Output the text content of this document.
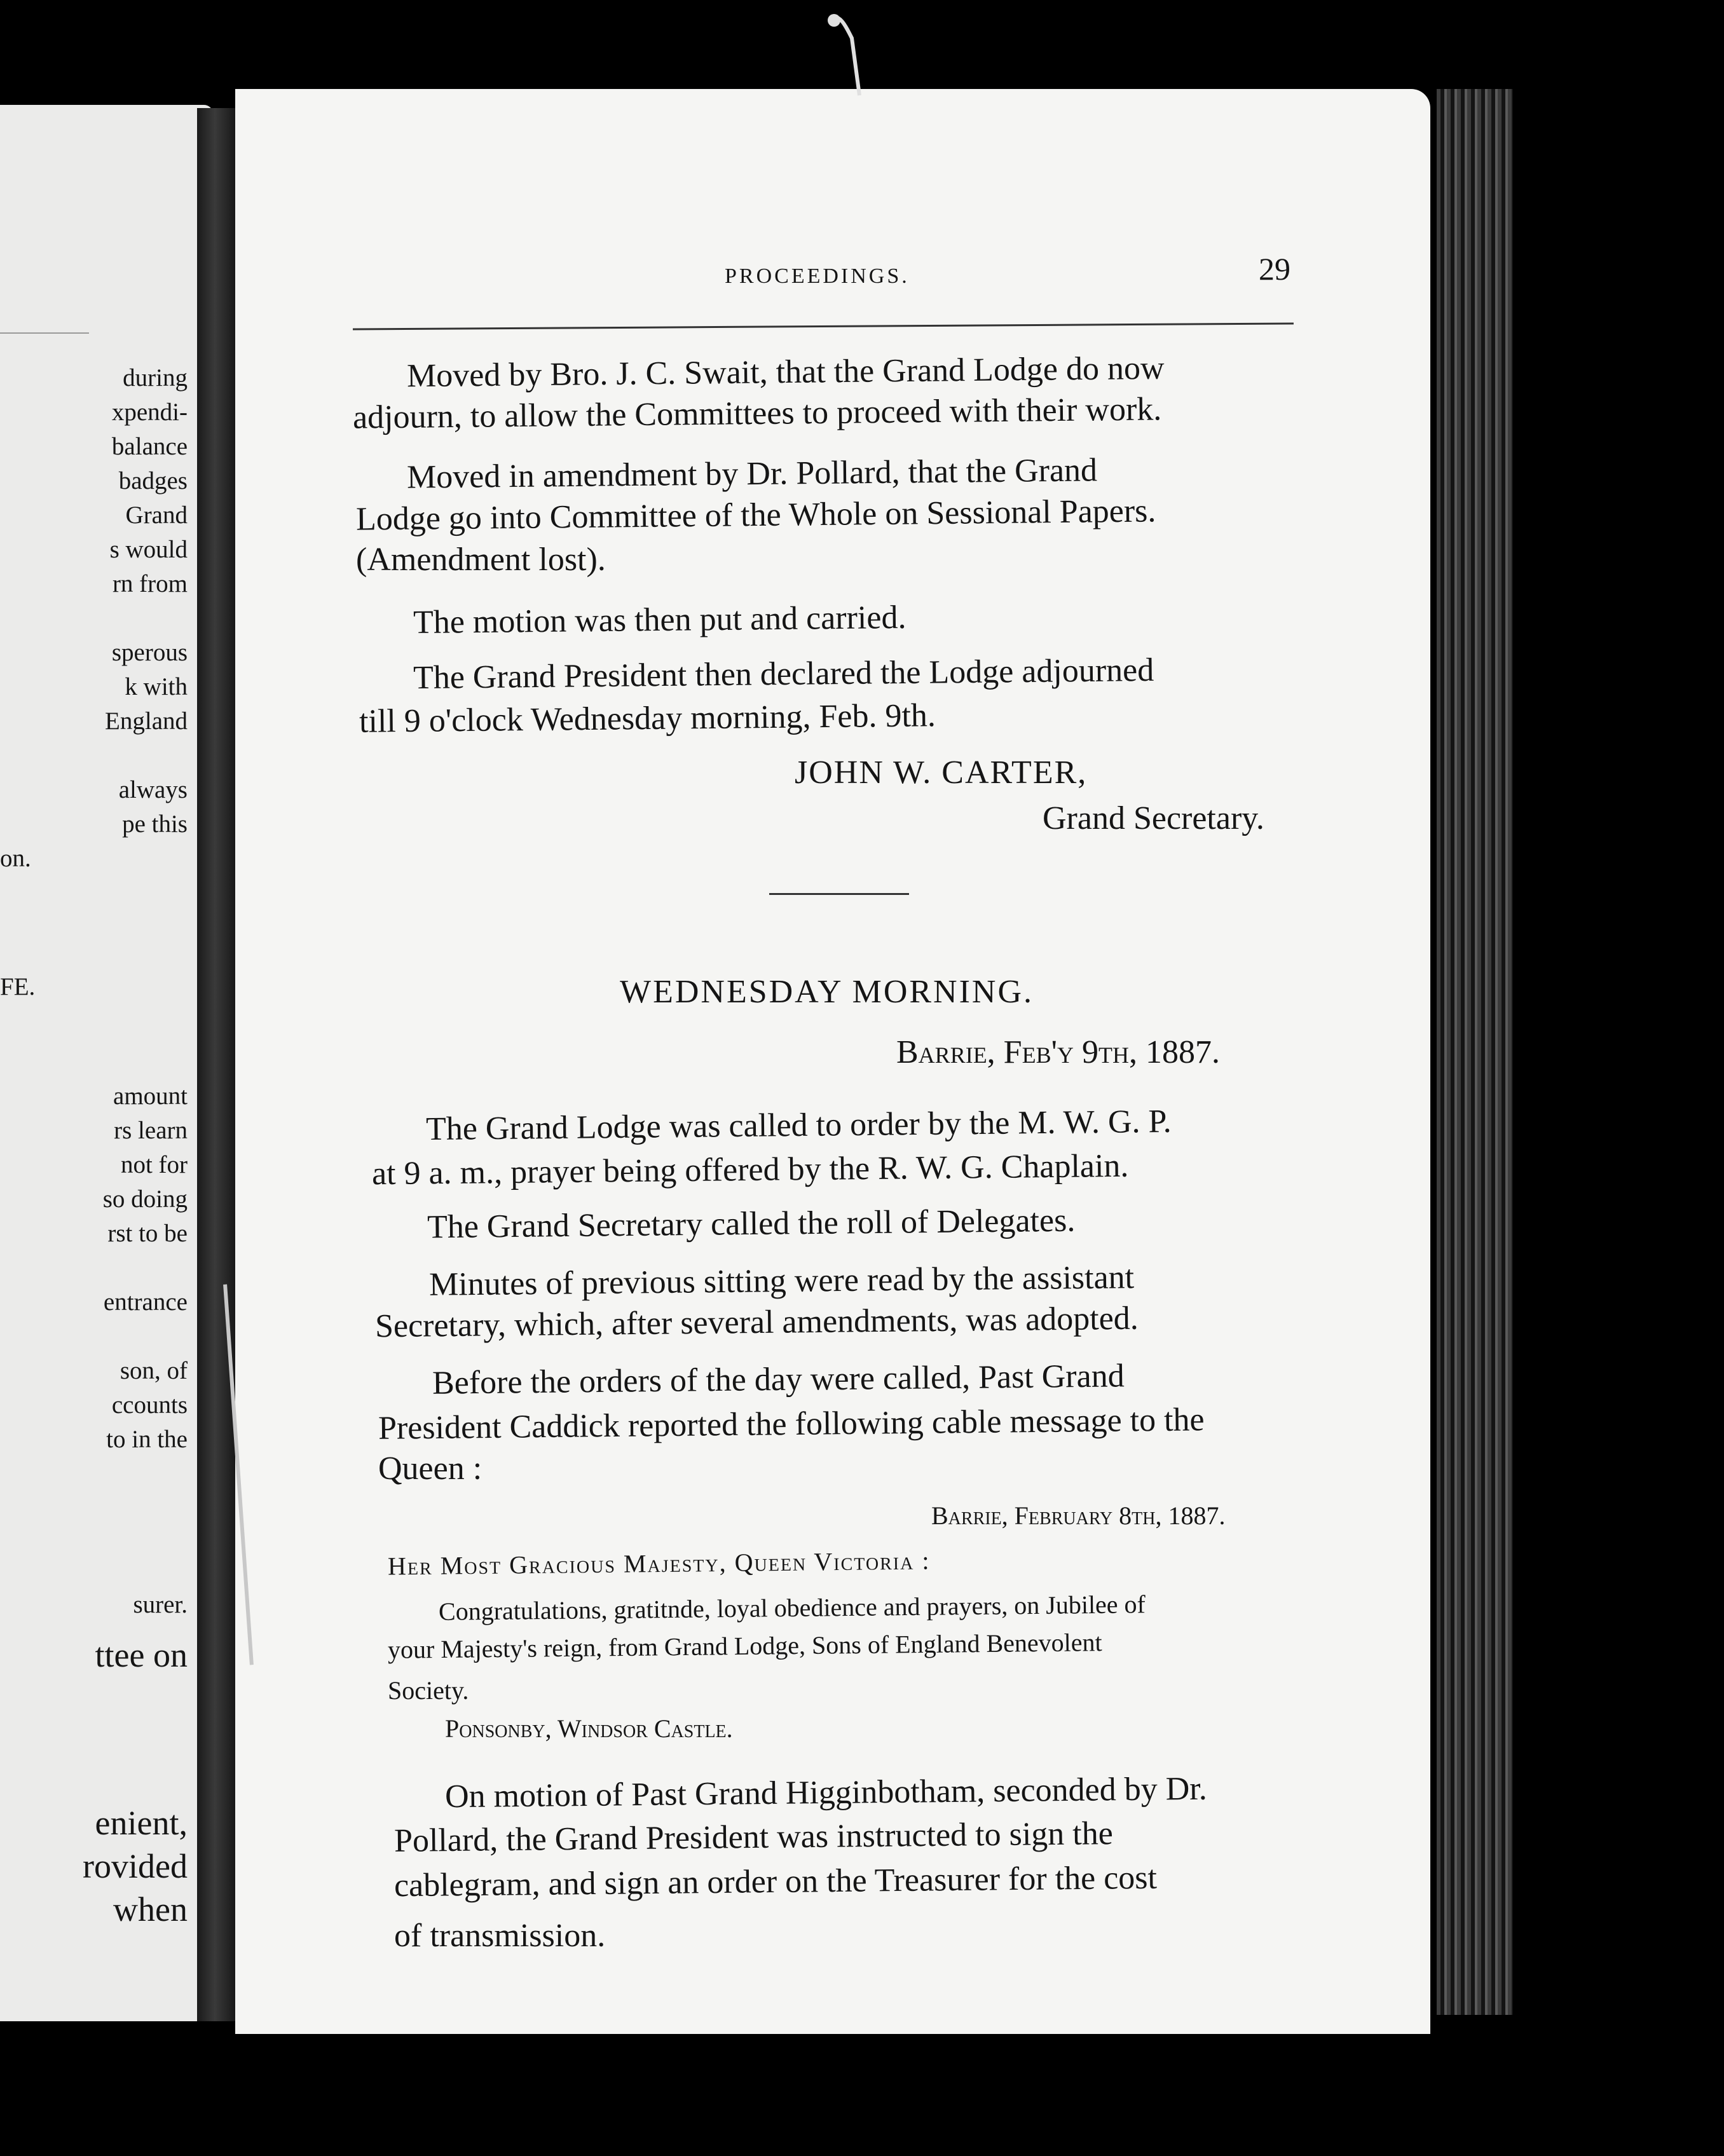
during
xpendi-
balance
badges
Grand
s would
rn from
sperous
k with
England
always
pe this
on.
FE.
amount
rs learn
not for
so doing
rst to be
entrance
son, of
ccounts
to in the
surer.
ttee on
enient,
rovided
when
PROCEEDINGS.	29
Moved by Bro. J. C. Swait, that the Grand Lodge do now
adjourn, to allow the Committees to proceed with their work.
Moved in amendment by Dr. Pollard, that the Grand
Lodge go into Committee of the Whole on Sessional Papers.
(Amendment lost).
The motion was then put and carried.
The Grand President then declared the Lodge adjourned
till 9 o'clock Wednesday morning, Feb. 9th.
JOHN W. CARTER,
Grand Secretary.
WEDNESDAY MORNING.
Barrie, Feb'y 9th, 1887.
The Grand Lodge was called to order by the M. W. G. P.
at 9 a. m., prayer being offered by the R. W. G. Chaplain.
The Grand Secretary called the roll of Delegates.
Minutes of previous sitting were read by the assistant
Secretary, which, after several amendments, was adopted.
Before the orders of the day were called, Past Grand
President Caddick reported the following cable message to the
Queen :
Barrie, February 8th, 1887.
Her Most Gracious Majesty, Queen Victoria :
Congratulations, gratitnde, loyal obedience and prayers, on Jubilee of
your Majesty's reign, from Grand Lodge, Sons of England Benevolent
Society.
Ponsonby, Windsor Castle.
On motion of Past Grand Higginbotham, seconded by Dr.
Pollard, the Grand President was instructed to sign the
cablegram, and sign an order on the Treasurer for the cost
of transmission.
